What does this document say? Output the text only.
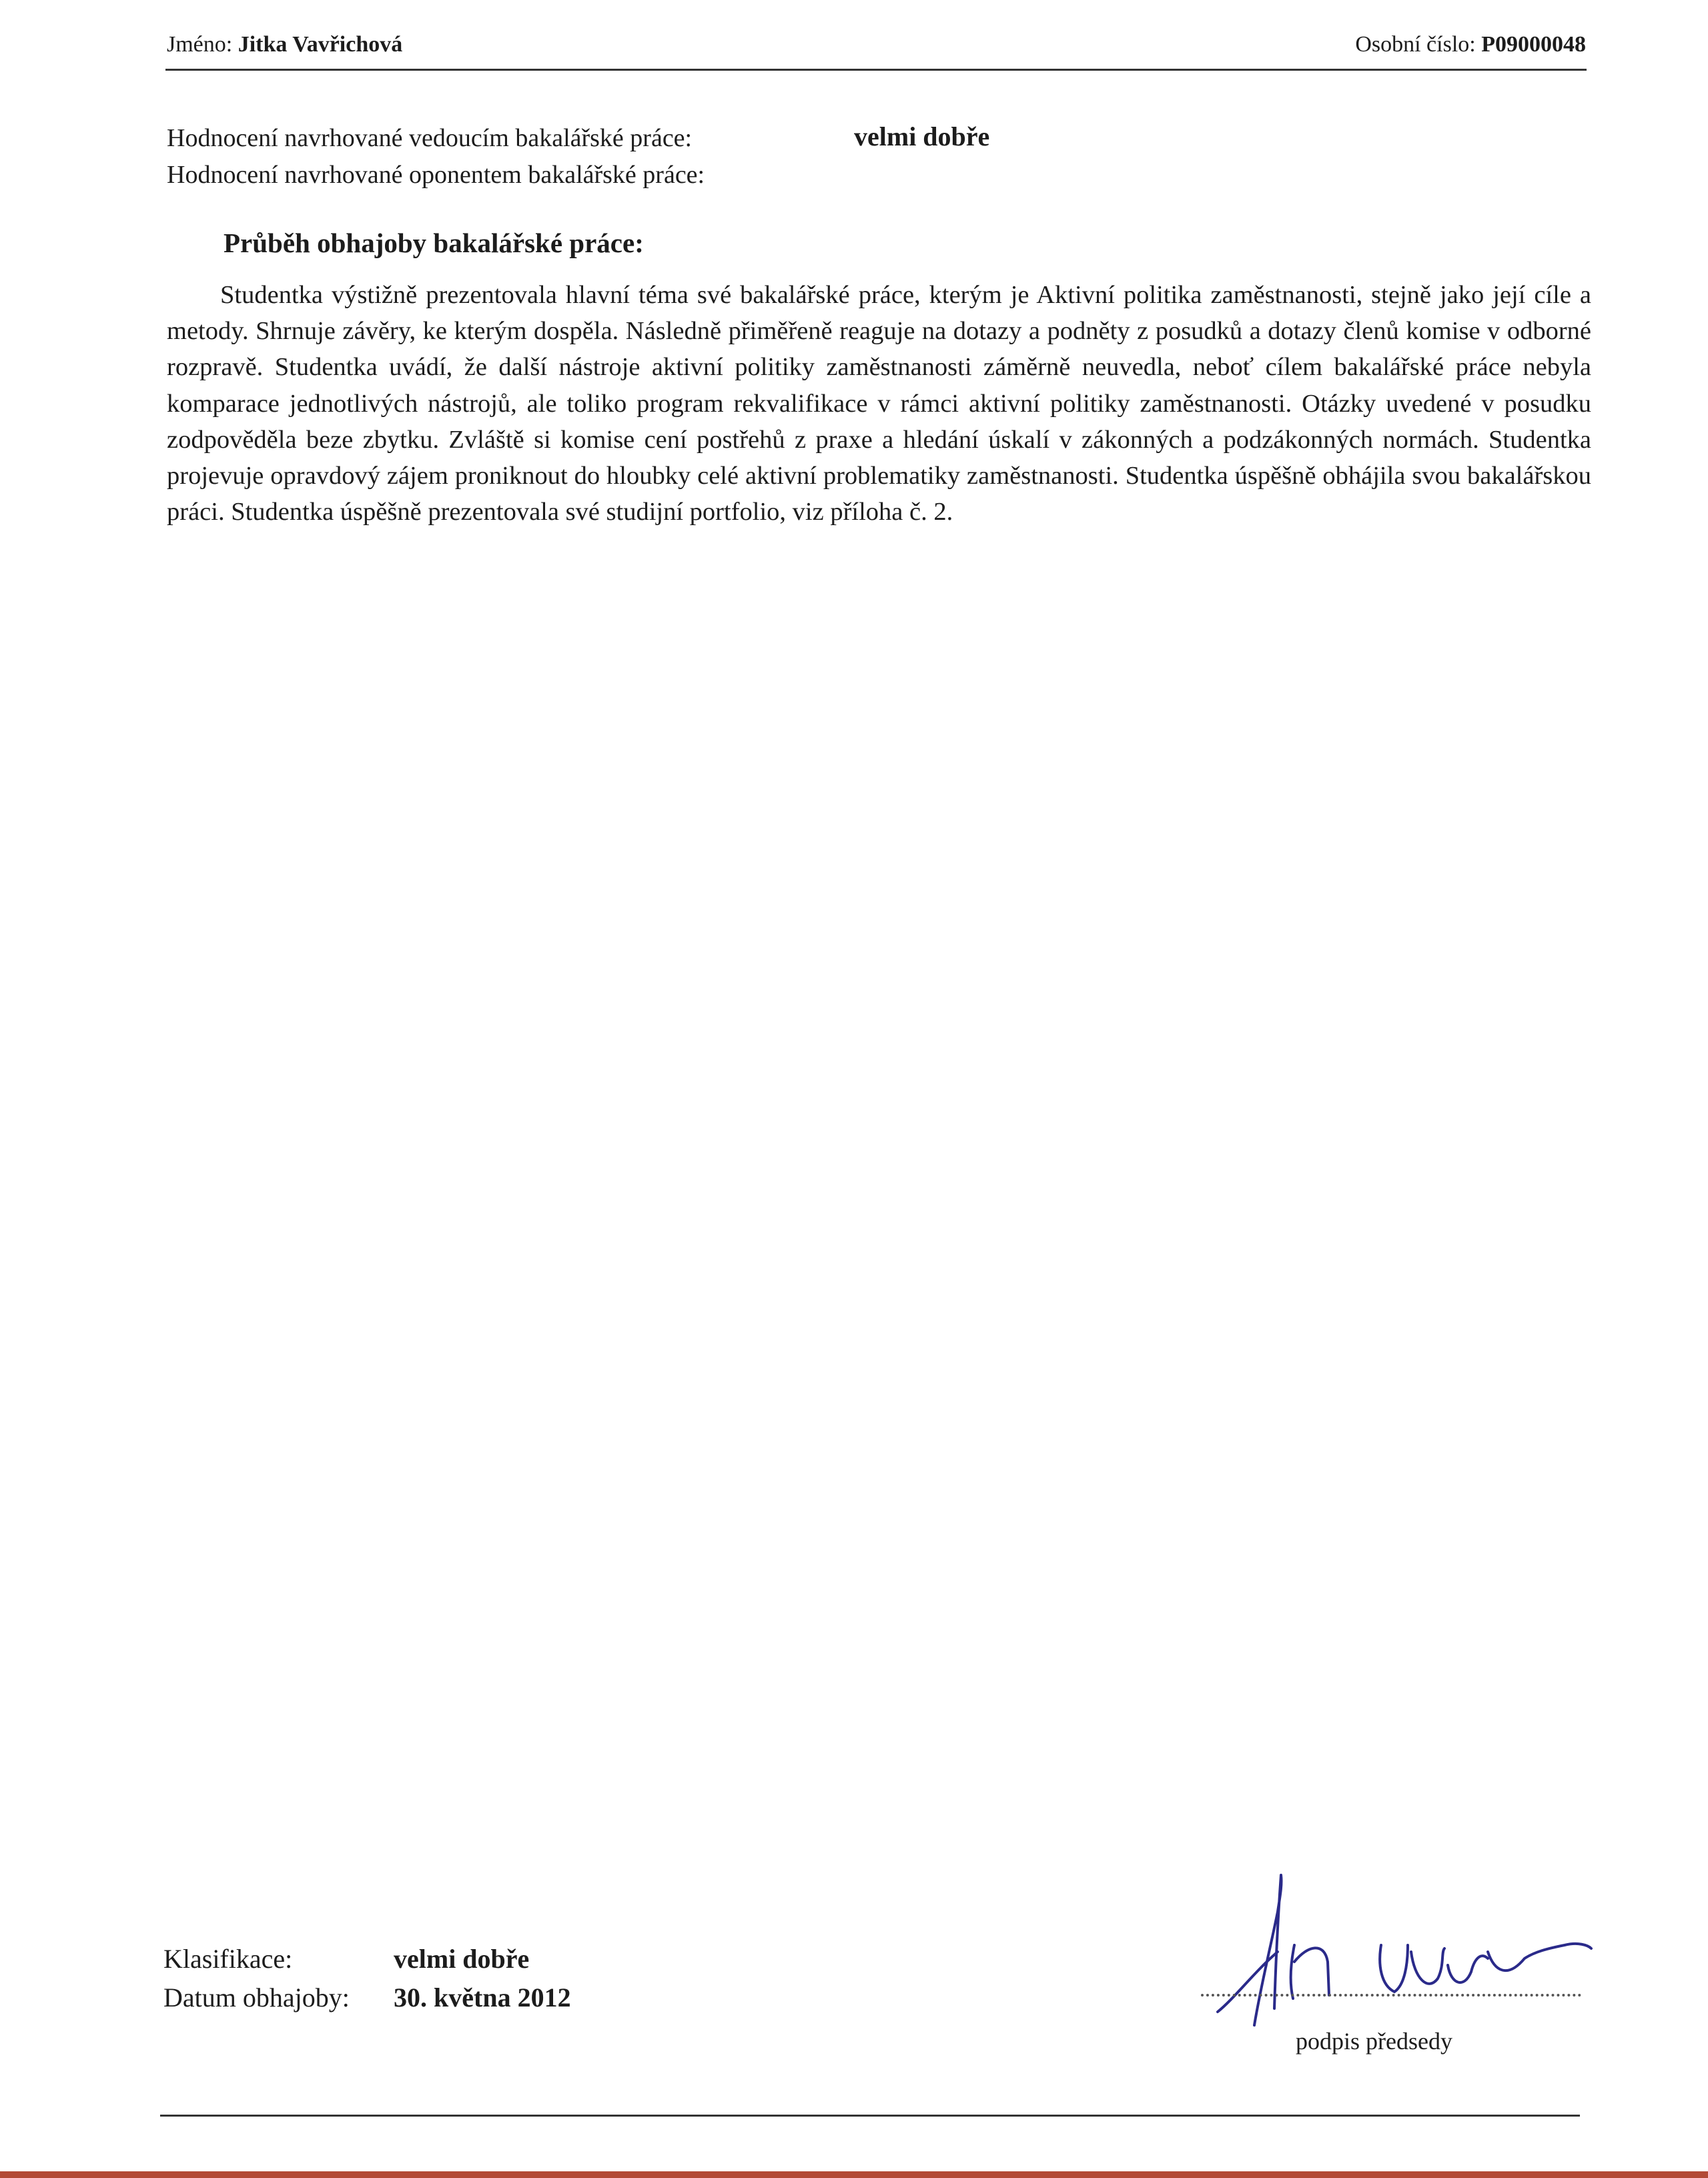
Jméno: Jitka Vavřichová	Osobní číslo: P09000048
Hodnocení navrhované vedoucím bakalářské práce:	velmi dobře
Hodnocení navrhované oponentem bakalářské práce:
Průběh obhajoby bakalářské práce:
Studentka výstižně prezentovala hlavní téma své bakalářské práce, kterým je Aktivní politika zaměstnanosti, stejně jako její cíle a metody. Shrnuje závěry, ke kterým dospěla. Následně přiměřeně reaguje na dotazy a podněty z posudků a dotazy členů komise v odborné rozpravě. Studentka uvádí, že další nástroje aktivní politiky zaměstnanosti záměrně neuvedla, neboť cílem bakalářské práce nebyla komparace jednotlivých nástrojů, ale toliko program rekvalifikace v rámci aktivní politiky zaměstnanosti. Otázky uvedené v posudku zodpověděla beze zbytku. Zvláště si komise cení postřehů z praxe a hledání úskalí v zákonných a podzákonných normách. Studentka projevuje opravdový zájem proniknout do hloubky celé aktivní problematiky zaměstnanosti. Studentka úspěšně obhájila svou bakalářskou práci. Studentka úspěšně prezentovala své studijní portfolio, viz příloha č. 2.
Klasifikace:	velmi dobře
Datum obhajoby: 30. května 2012
podpis předsedy
